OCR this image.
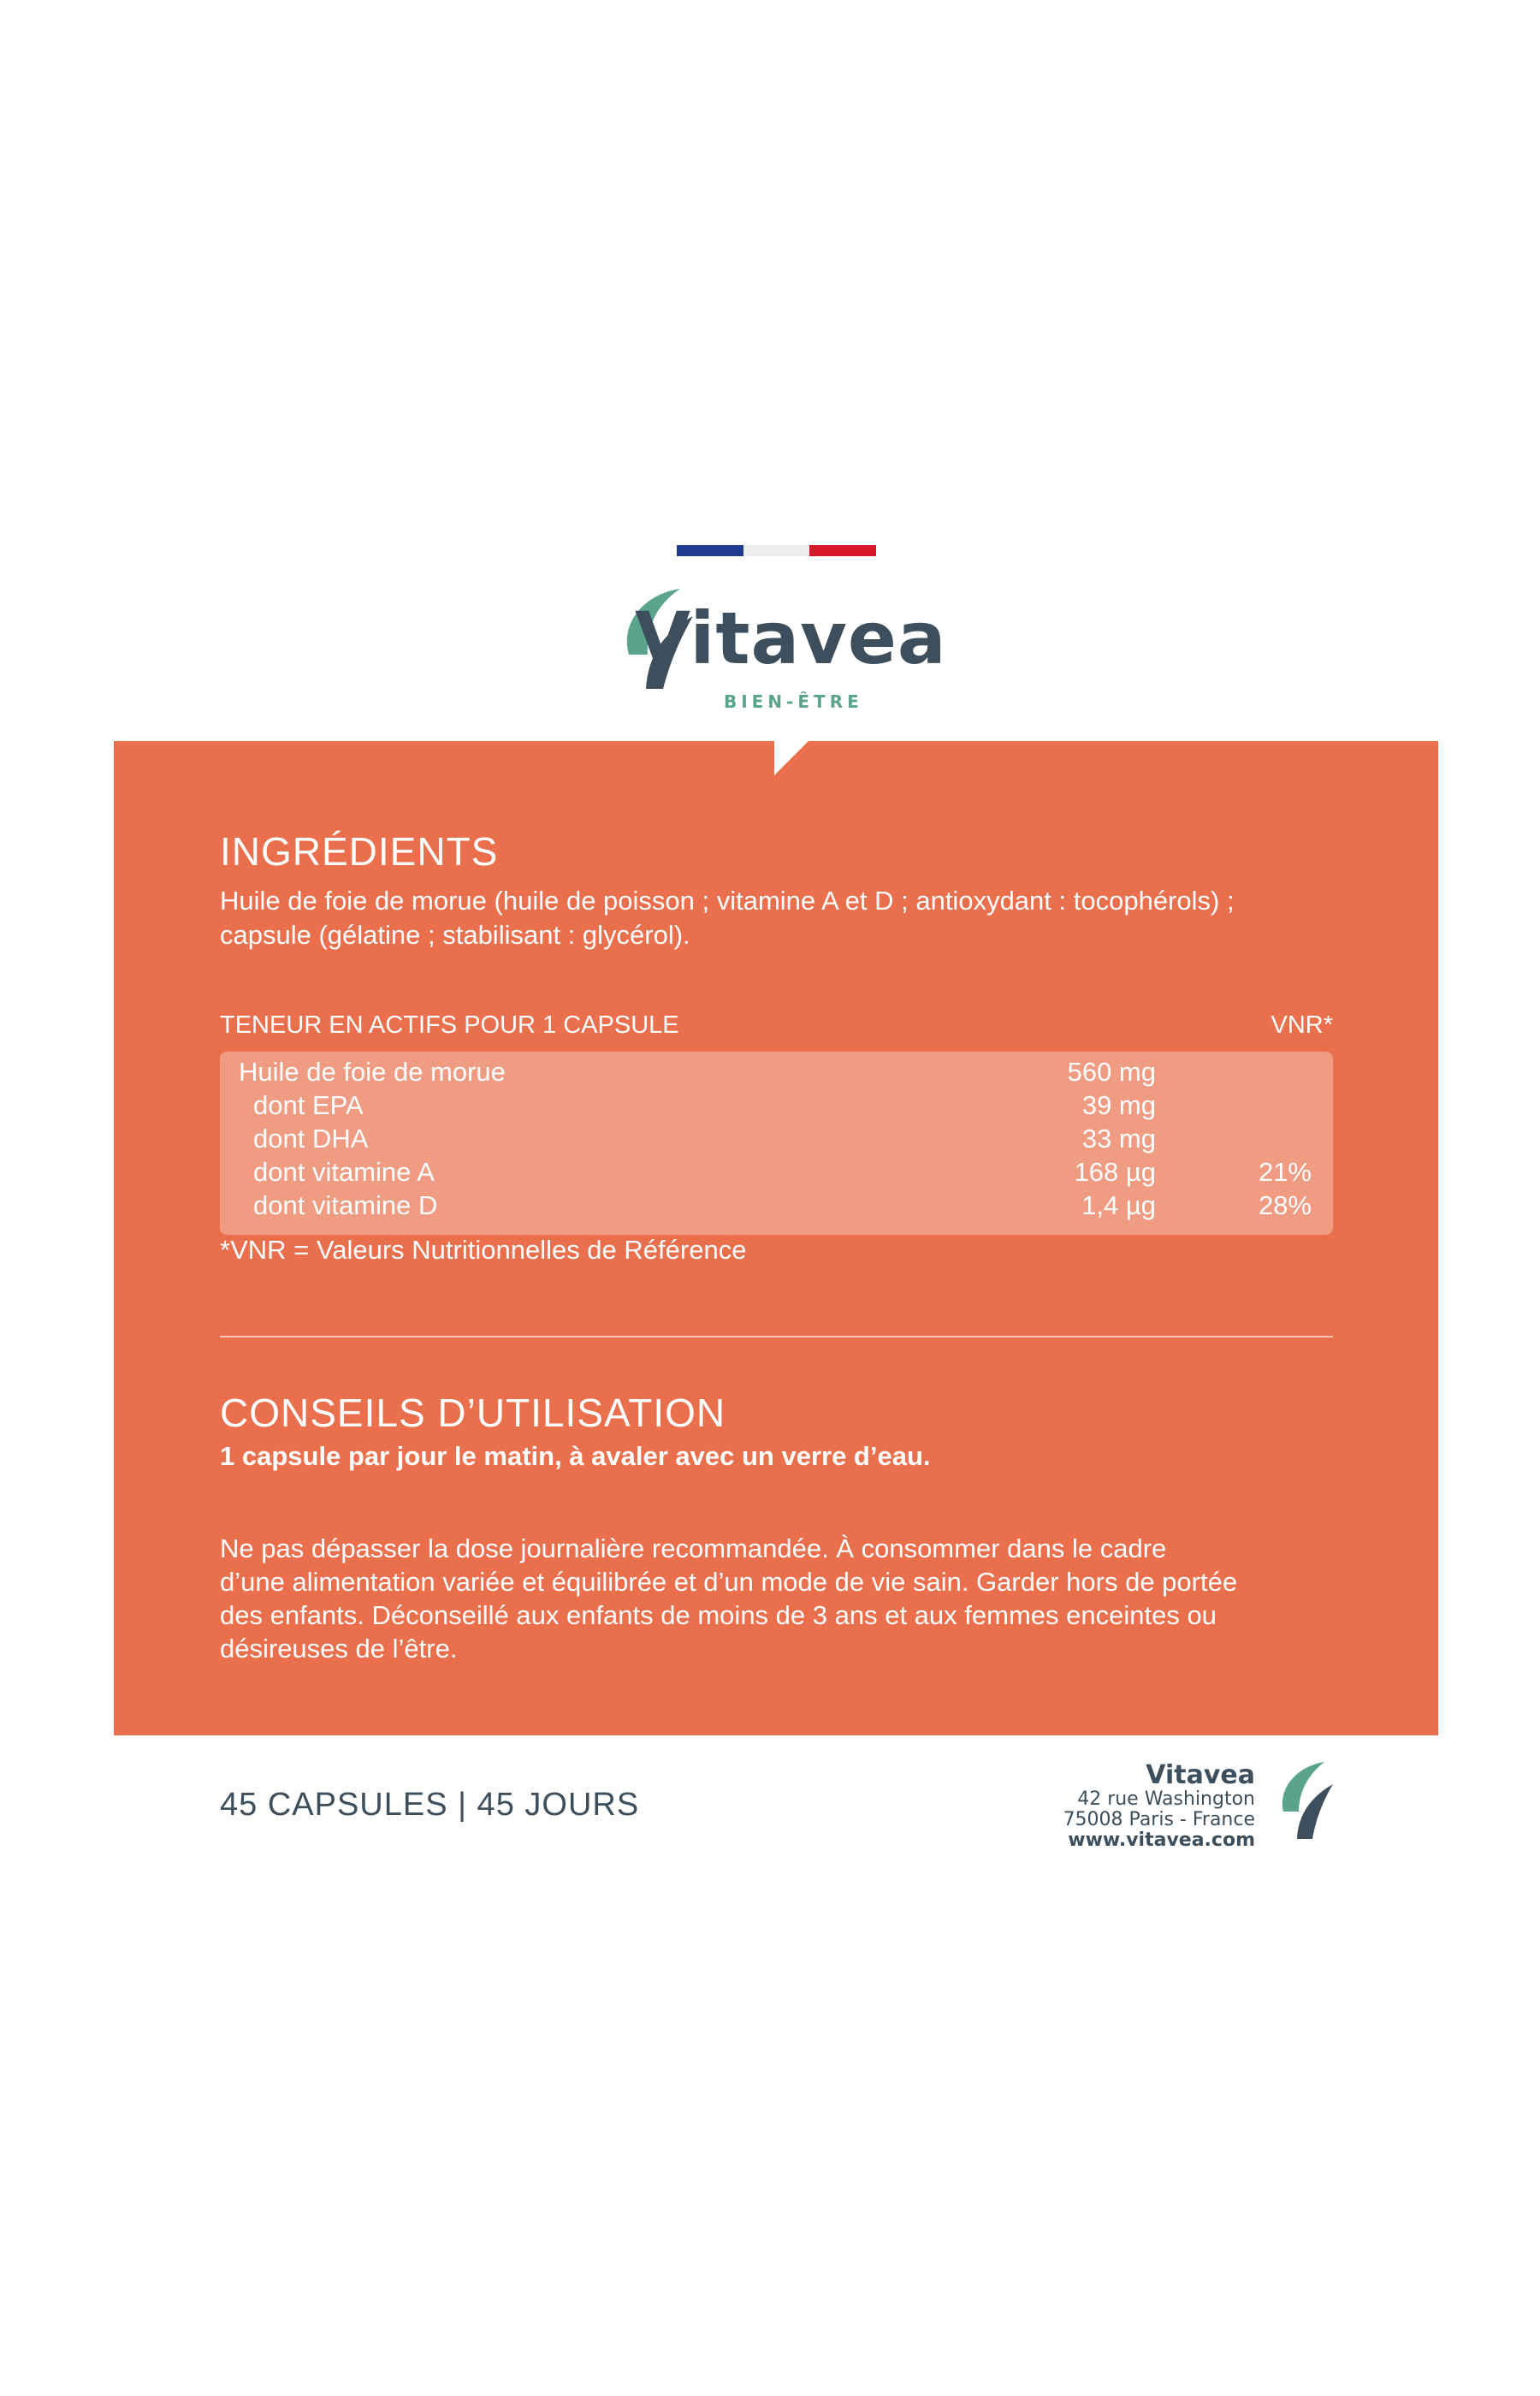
Vitavea
BIEN-ÊTRE
INGRÉDIENTS
Huile de foie de morue (huile de poisson ; vitamine A et D ; antioxydant : tocophérols) ;
capsule (gélatine ; stabilisant : glycérol).
TENEUR EN ACTIFS POUR 1 CAPSULE	VNR*
Huile de foie de morue	560 mg
dont EPA	39 mg
dont DHA	33 mg
dont vitamine A	168 µg	21%
dont vitamine D	1,4 µg	28%
*VNR = Valeurs Nutritionnelles de Référence
CONSEILS D’UTILISATION
1 capsule par jour le matin, à avaler avec un verre d’eau.
Ne pas dépasser la dose journalière recommandée. À consommer dans le cadre
d’une alimentation variée et équilibrée et d’un mode de vie sain. Garder hors de portée
des enfants. Déconseillé aux enfants de moins de 3 ans et aux femmes enceintes ou
désireuses de l’être.
45 CAPSULES | 45 JOURS
Vitavea
42 rue Washington
75008 Paris - France
www.vitavea.com
